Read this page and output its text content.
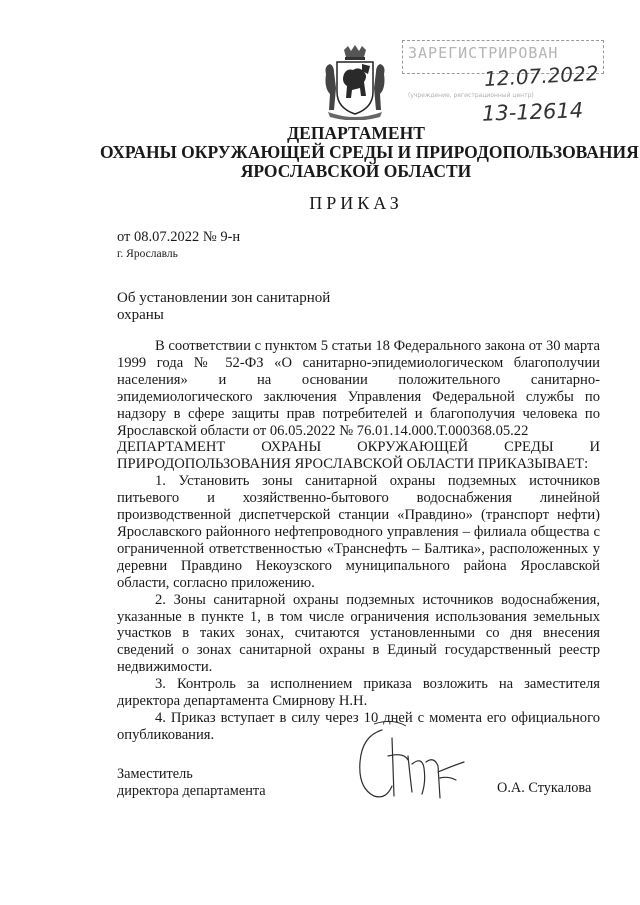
ЗАРЕГИСТРИРОВАН
12.07.2022
(учреждение, регистрационный центр)
13-12614
ДЕПАРТАМЕНТ
ОХРАНЫ ОКРУЖАЮЩЕЙ СРЕДЫ И ПРИРОДОПОЛЬЗОВАНИЯ
ЯРОСЛАВСКОЙ ОБЛАСТИ
ПРИКАЗ
от 08.07.2022 № 9-н
г. Ярославль
Об установлении зон санитарной охраны

В соответствии с пунктом 5 статьи 18 Федерального закона от 30 марта 1999 года № 52-ФЗ «О санитарно-эпидемиологическом благополучии населения» и на основании положительного санитарно-эпидемиологического заключения Управления Федеральной службы по надзору в сфере защиты прав потребителей и благополучия человека по Ярославской области от 06.05.2022 № 76.01.14.000.Т.000368.05.22

ДЕПАРТАМЕНТ ОХРАНЫ ОКРУЖАЮЩЕЙ СРЕДЫ И

ПРИРОДОПОЛЬЗОВАНИЯ ЯРОСЛАВСКОЙ ОБЛАСТИ ПРИКАЗЫВАЕТ:

1. Установить зоны санитарной охраны подземных источников питьевого и хозяйственно-бытового водоснабжения линейной производственной диспетчерской станции «Правдино» (транспорт нефти) Ярославского районного нефтепроводного управления – филиала общества с ограниченной ответственностью «Транснефть – Балтика», расположенных у деревни Правдино Некоузского муниципального района Ярославской области, согласно приложению.

2. Зоны санитарной охраны подземных источников водоснабжения, указанные в пункте 1, в том числе ограничения использования земельных участков в таких зонах, считаются установленными со дня внесения сведений о зонах санитарной охраны в Единый государственный реестр недвижимости.

3. Контроль за исполнением приказа возложить на заместителя директора департамента Смирнову Н.Н.

4. Приказ вступает в силу через 10 дней с момента его официального опубликования.

Заместитель
директора департамента	О.А. Стукалова
